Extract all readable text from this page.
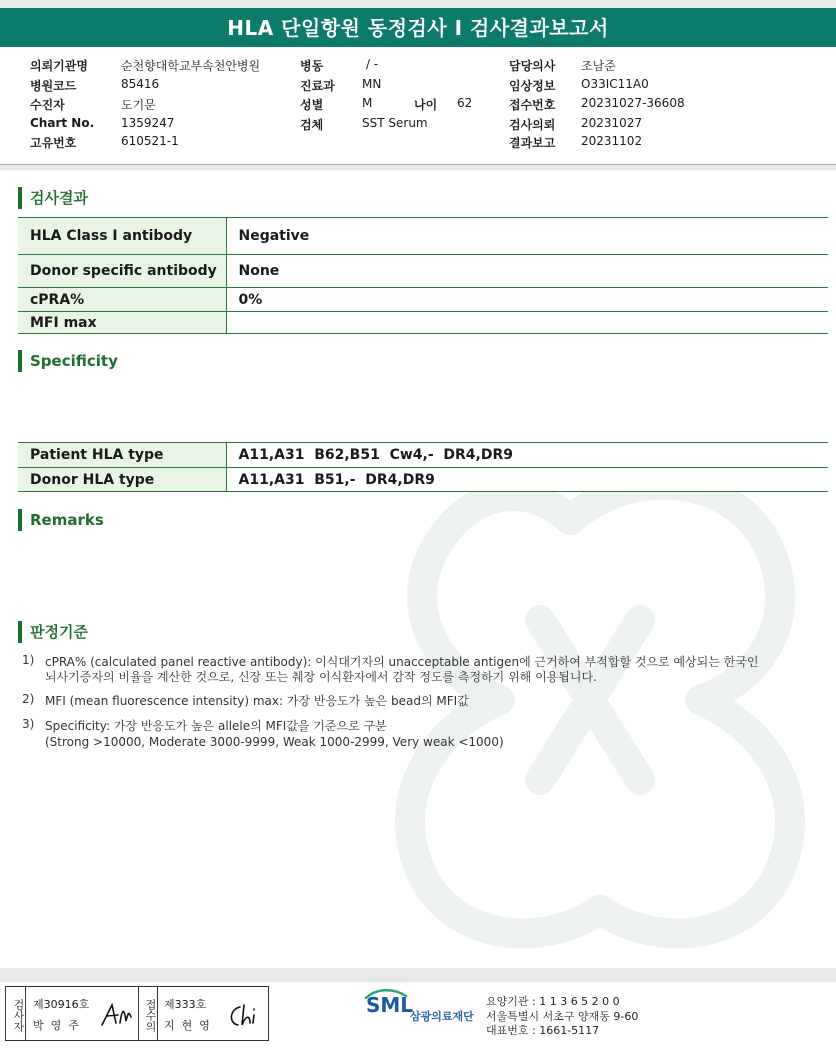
HLA 단일항원 동정검사 I 검사결과보고서
의뢰기관명	순천향대학교부속천안병원
병원코드	85416
수진자	도기문
Chart No. 1359247
고유번호	610521-1
병동	/ -
진료과 MN
성별	M	나이 62
검체	SST Serum
담당의사 조남준
임상정보 O33IC11A0
접수번호 20231027-36608
검사의뢰 20231027
결과보고 20231102
검사결과
HLA Class I antibody	Negative
Donor specific antibody	None
cPRA%	0%
MFI max	
Specificity
Patient HLA type	A11,A31  B62,B51  Cw4,-  DR4,DR9
Donor HLA type	A11,A31  B51,-  DR4,DR9
Remarks
판정기준
1) cPRA% (calculated panel reactive antibody): 이식대기자의 unacceptable antigen에 근거하여 부적합할 것으로 예상되는 한국인
뇌사기증자의 비율을 계산한 것으로, 신장 또는 췌장 이식환자에서 감작 정도를 측정하기 위해 이용됩니다.
2) MFI (mean fluorescence intensity) max: 가장 반응도가 높은 bead의 MFI값
3) Specificity: 가장 반응도가 높은 allele의 MFI값을 기준으로 구분
(Strong >10000, Moderate 3000-9999, Weak 1000-2999, Very weak <1000)
검사자 제30916호
박영주	접수의 제333호
지현영
SML
삼광의료재단
요양기관 : 1 1 3 6 5 2 0 0
서울특별시 서초구 양재동 9-60
대표번호 : 1661-5117
